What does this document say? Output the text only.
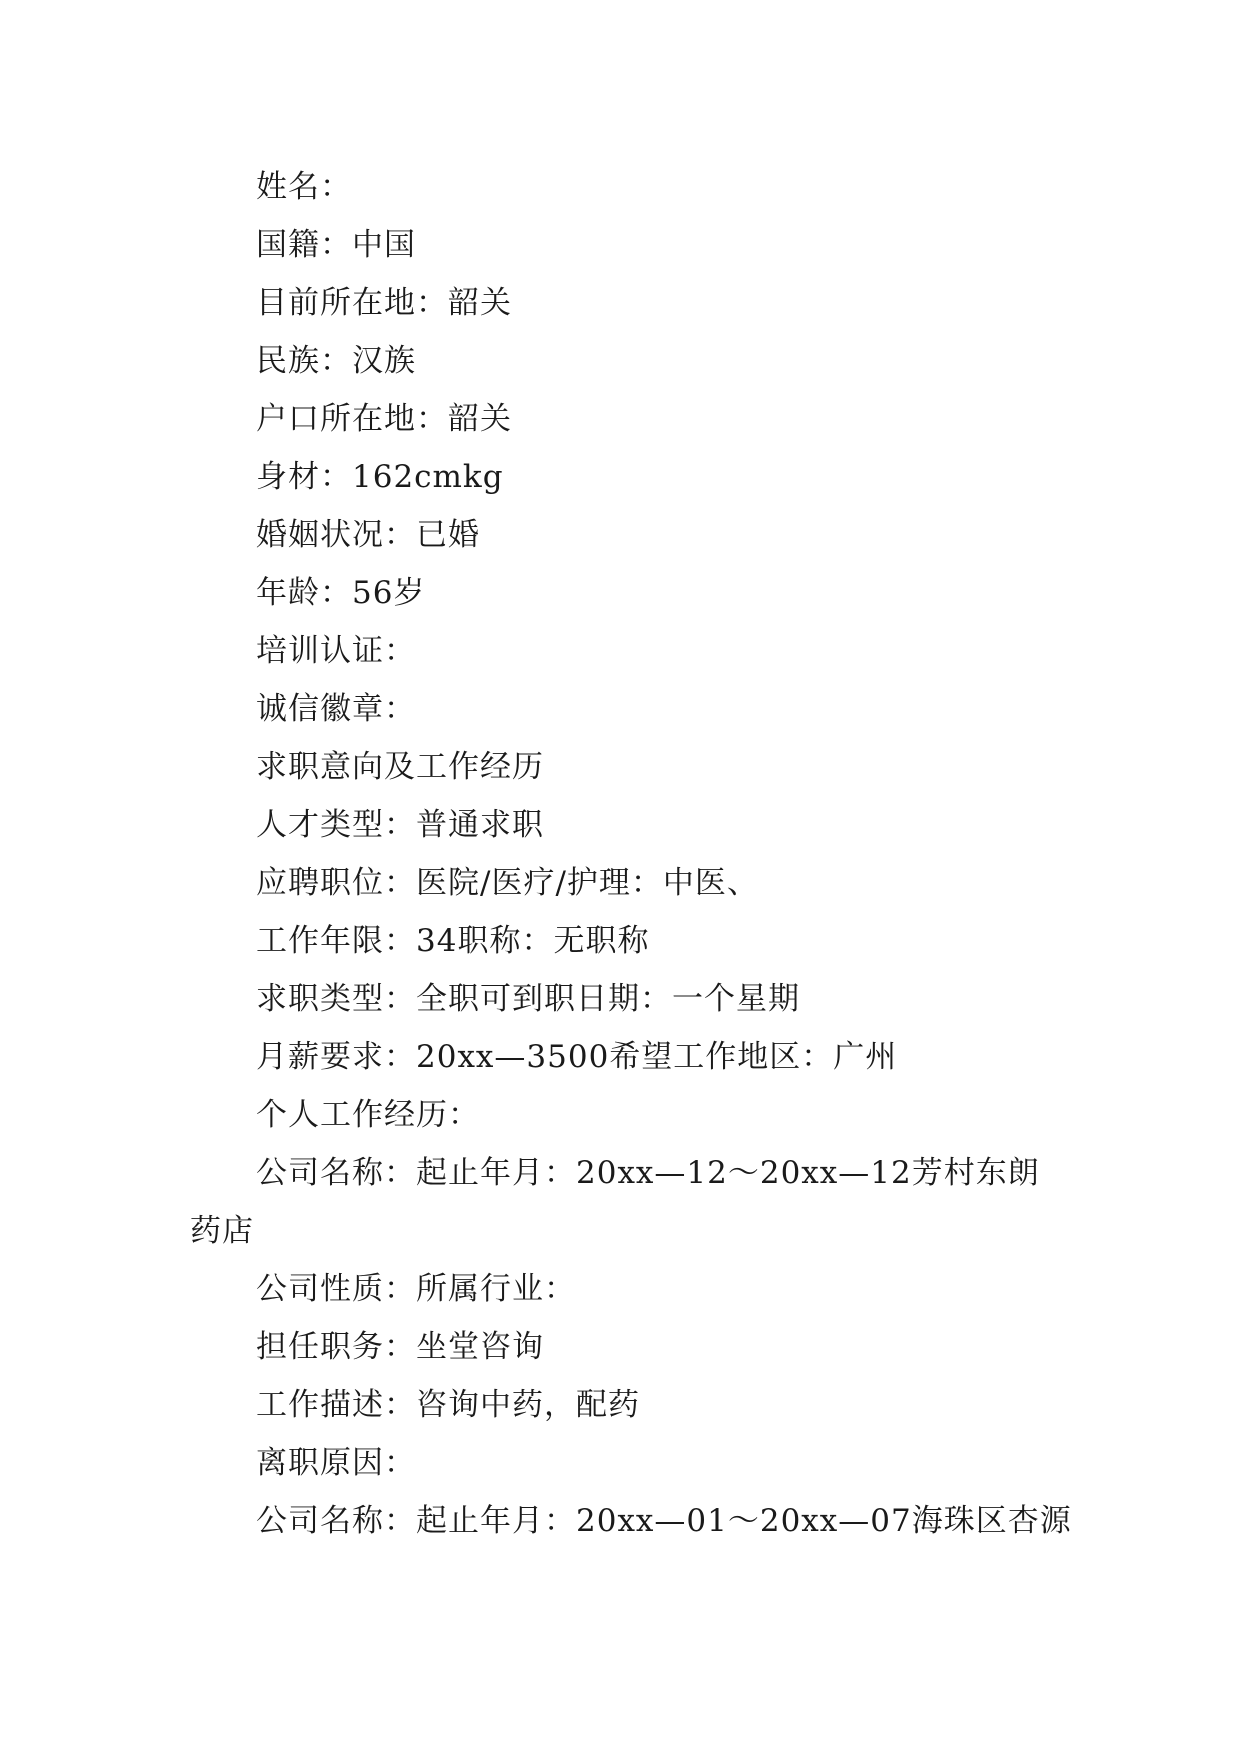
姓名：
国籍：中国
目前所在地：韶关
民族：汉族
户口所在地：韶关
身材：162cmkg
婚姻状况：已婚
年龄：56岁
培训认证：
诚信徽章：
求职意向及工作经历
人才类型：普通求职
应聘职位：医院/医疗/护理：中医、
工作年限：34职称：无职称
求职类型：全职可到职日期：一个星期
月薪要求：20xx—3500希望工作地区：广州
个人工作经历：
公司名称：起止年月：20xx—12～20xx—12芳村东朗药店
公司性质：所属行业：
担任职务：坐堂咨询
工作描述：咨询中药，配药
离职原因：
公司名称：起止年月：20xx—01～20xx—07海珠区杏源
